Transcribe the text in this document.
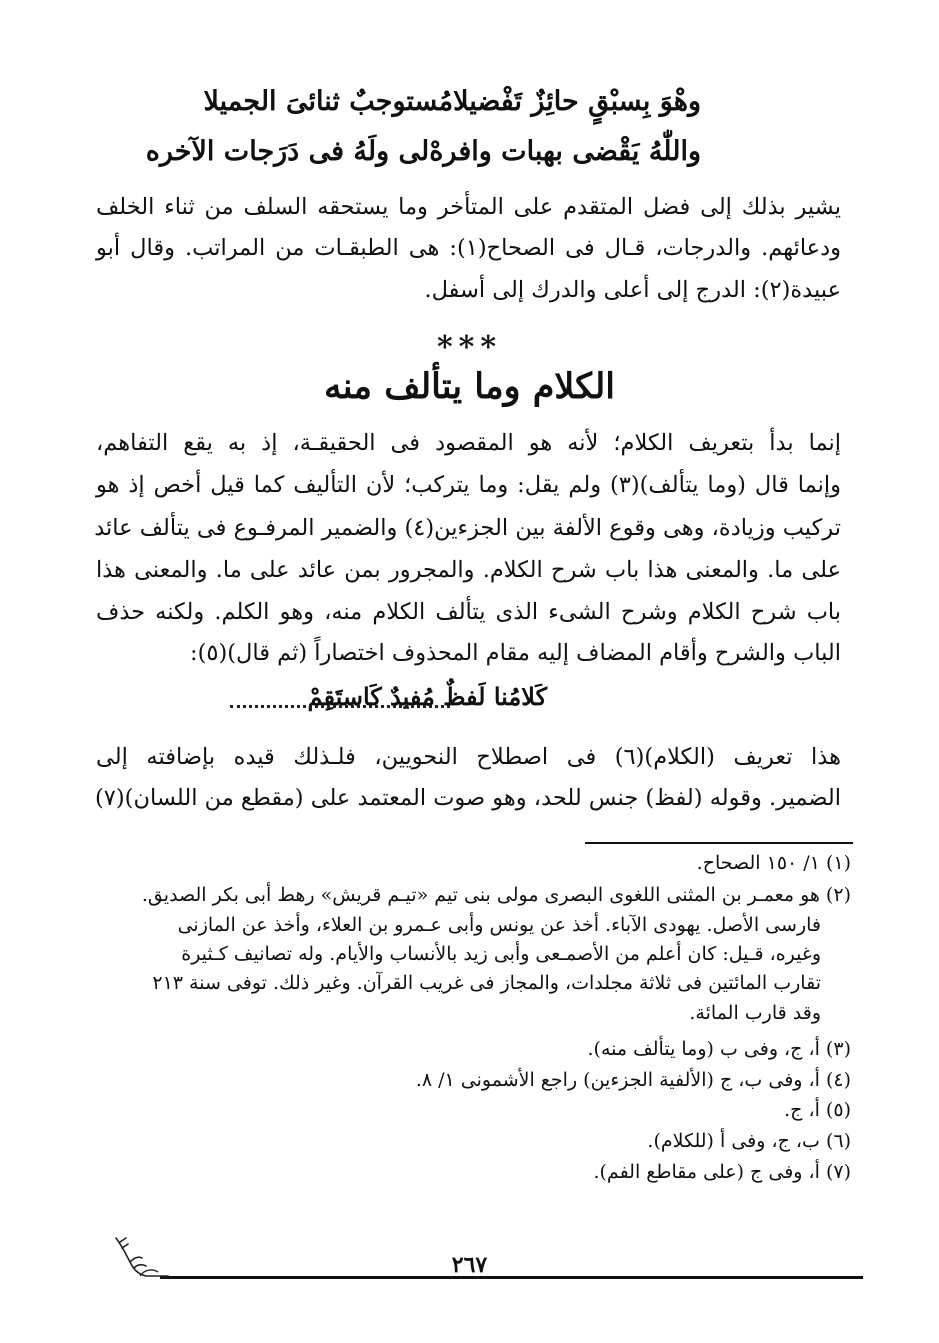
وهْوَ بِسبْقٍ حائِزٌ تَفْضيلا
مُستوجبٌ ثنائىَ الجميلا
واللّٰهُ يَقْضى بهبات وافرهْ
لى ولَهُ فى دَرَجات الآخره
يشير بذلك إلى فضل المتقدم على المتأخر وما يستحقه السلف من ثناء الخلف
ودعائهم. والدرجات، قـال فى الصحاح(١): هى الطبقـات من المراتب. وقال أبو
عبيدة(٢): الدرج إلى أعلى والدرك إلى أسفل.
***
الكلام وما يتألف منه
إنما بدأ بتعريف الكلام؛ لأنه هو المقصود فى الحقيقـة، إذ به يقع التفاهم،
وإنما قال (وما يتألف)(٣) ولم يقل: وما يتركب؛ لأن التأليف كما قيل أخص إذ هو
تركيب وزيادة، وهى وقوع الألفة بين الجزءين(٤) والضمير المرفـوع فى يتألف عائد
على ما. والمعنى هذا باب شرح الكلام. والمجرور بمن عائد على ما. والمعنى هذا
باب شرح الكلام وشرح الشىء الذى يتألف الكلام منه، وهو الكلم. ولكنه حذف
الباب والشرح وأقام المضاف إليه مقام المحذوف اختصاراً (ثم قال)(٥):
كَلامُنا لَفظٌ مُفيدٌ كَاستَقِمْ
هذا تعريف (الكلام)(٦) فى اصطلاح النحويين، فلـذلك قيده بإضافته إلى
الضمير. وقوله (لفظ) جنس للحد، وهو صوت المعتمد على (مقطع من اللسان)(٧)
(١) ١/ ١٥٠ الصحاح.
(٢) هو معمـر بن المثنى اللغوى البصرى مولى بنى تيم «تيـم قريش» رهط أبى بكر الصديق.
فارسى الأصل. يهودى الآباء. أخذ عن يونس وأبى عـمرو بن العلاء، وأخذ عن المازنى
وغيره، قـيل: كان أعلم من الأصمـعى وأبى زيد بالأنساب والأيام. وله تصانيف كـثيرة
تقارب المائتين فى ثلاثة مجلدات، والمجاز فى غريب القرآن. وغير ذلك. توفى سنة ٢١٣
وقد قارب المائة.
(٣) أ، ج، وفى ب (وما يتألف منه).
(٤) أ، وفى ب، ج (الألفية الجزءين) راجع الأشمونى ١/ ٨.
(٥) أ، ج.
(٦) ب، ج، وفى أ (للكلام).
(٧) أ، وفى ج (على مقاطع الفم).
٢٦٧
